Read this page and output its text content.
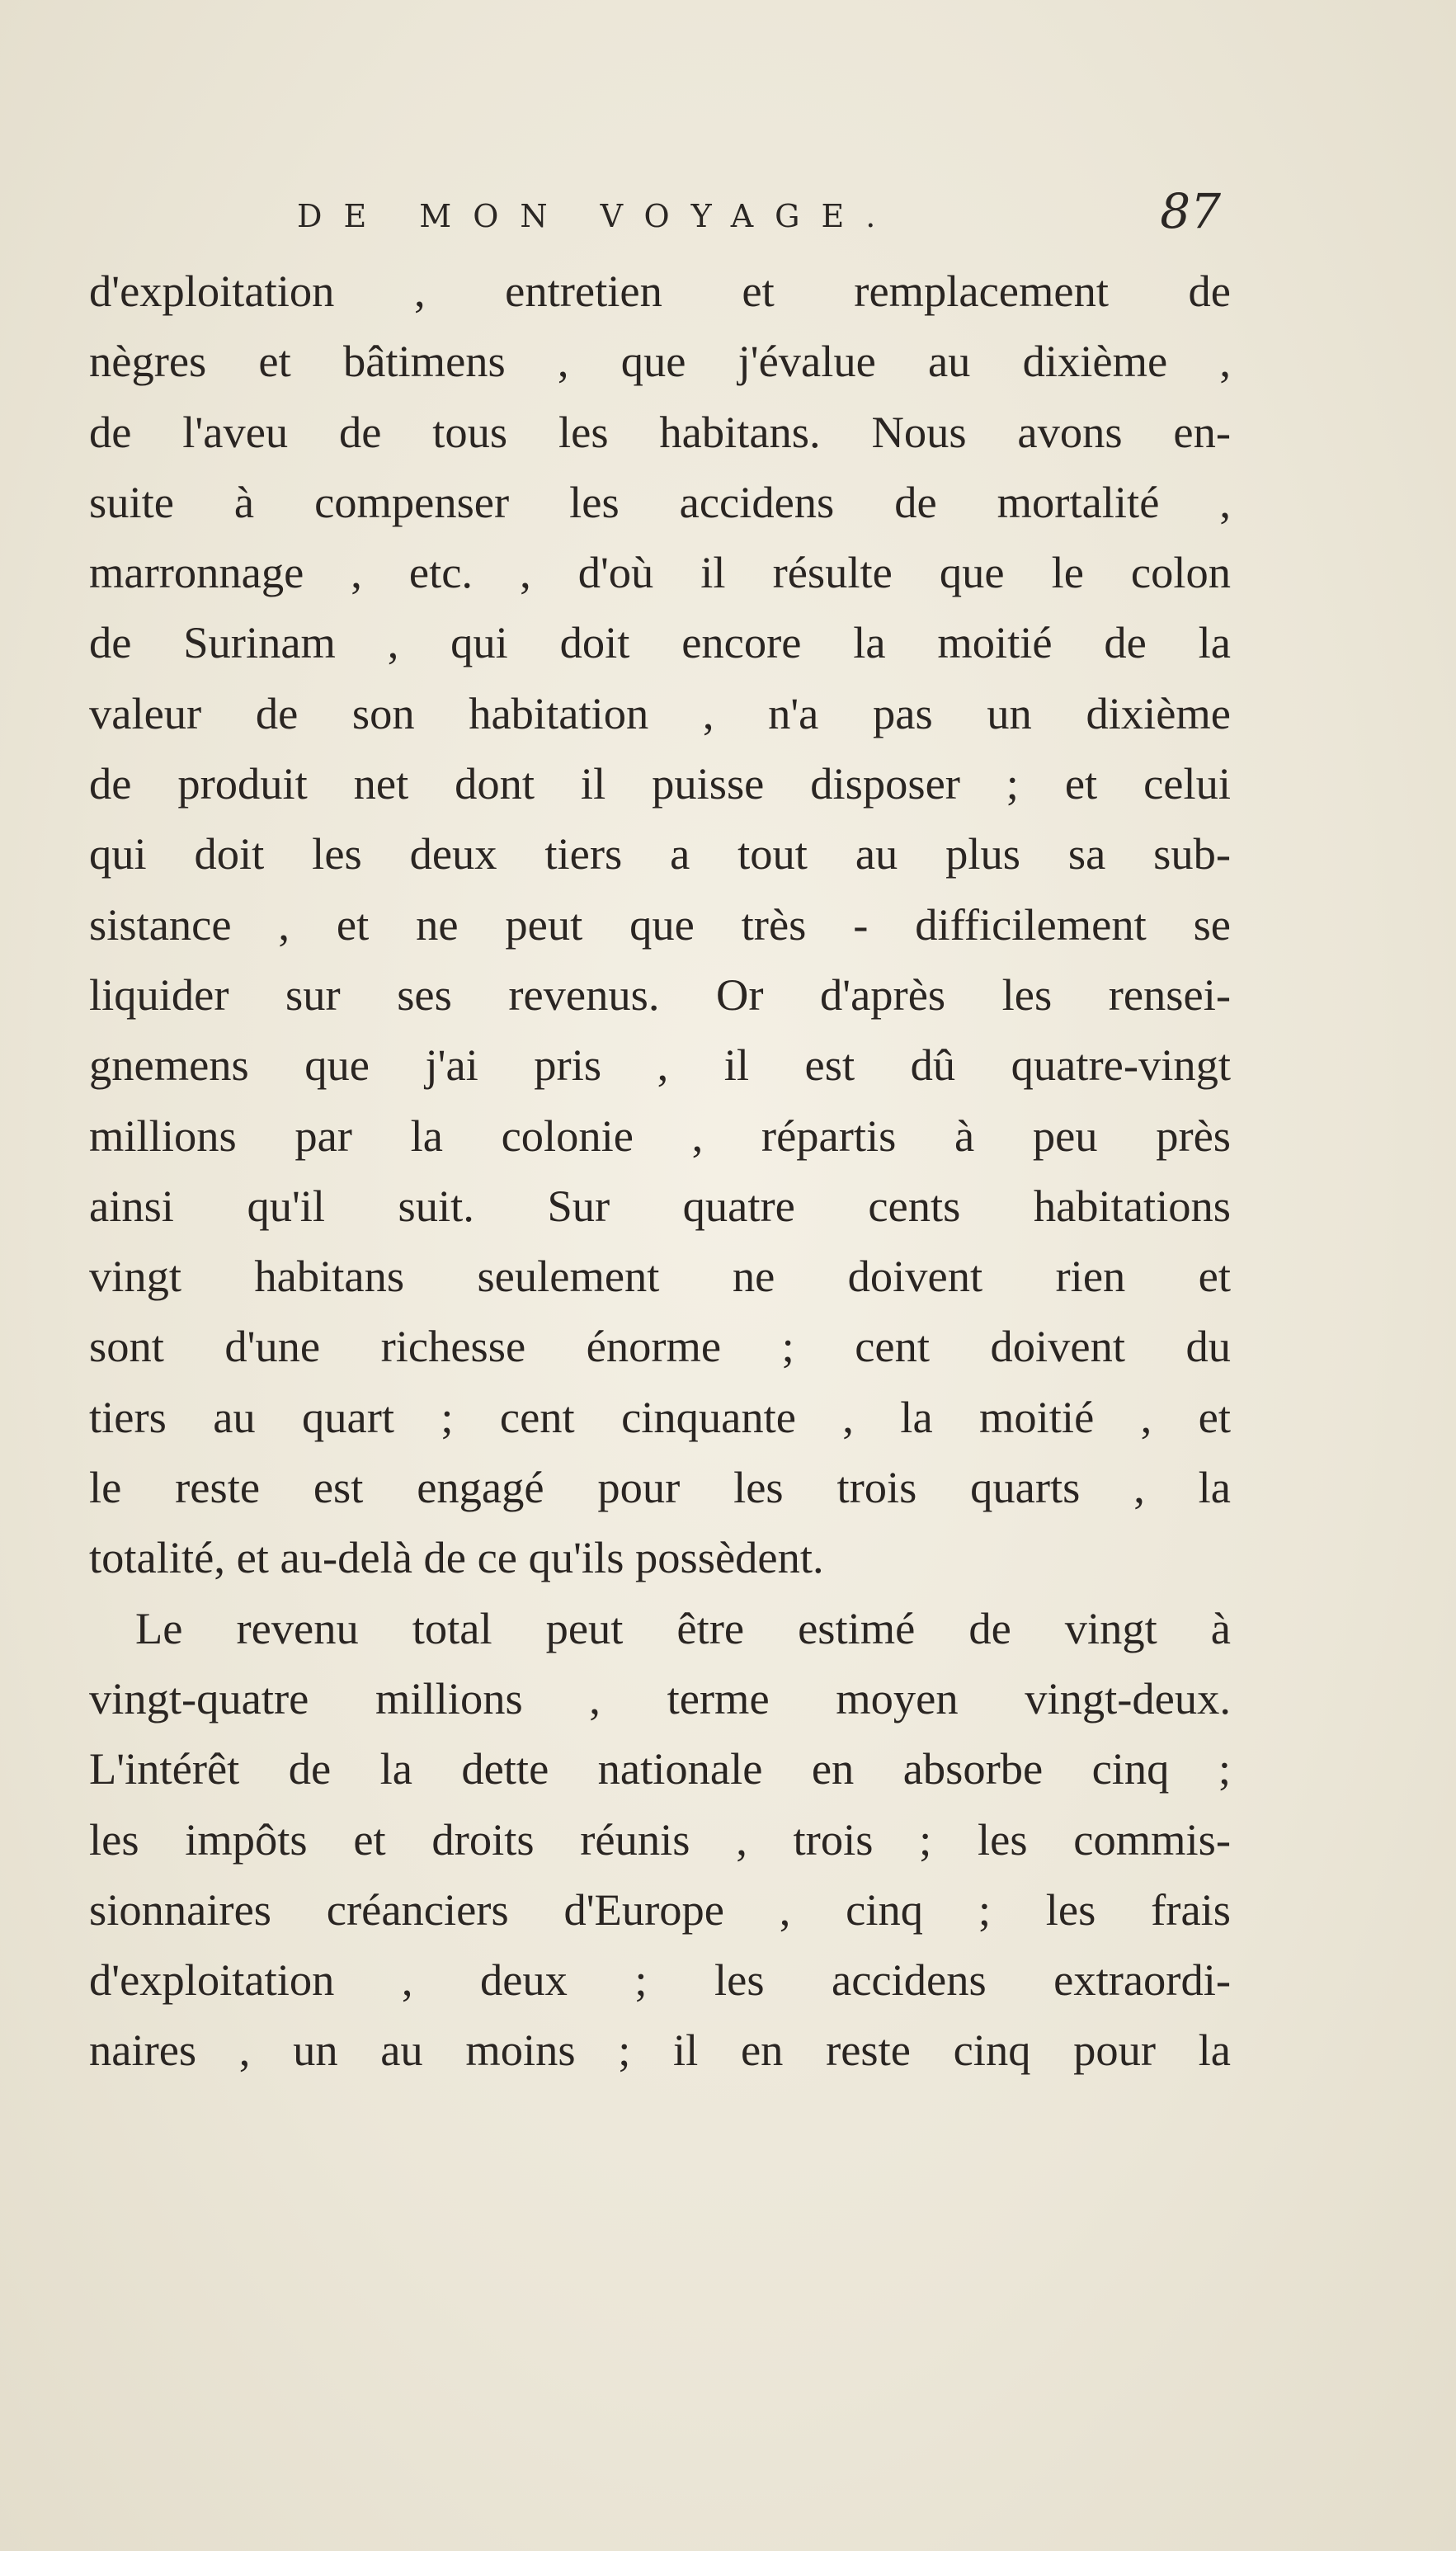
DE MON VOYAGE.	87
d'exploitation , entretien et remplacement de
nègres et bâtimens , que j'évalue au dixième ,
de l'aveu de tous les habitans. Nous avons en-
suite à compenser les accidens de mortalité ,
marronnage , etc. , d'où il résulte que le colon
de Surinam , qui doit encore la moitié de la
valeur de son habitation , n'a pas un dixième
de produit net dont il puisse disposer ; et celui
qui doit les deux tiers a tout au plus sa sub-
sistance , et ne peut que très - difficilement se
liquider sur ses revenus. Or d'après les rensei-
gnemens que j'ai pris , il est dû quatre-vingt
millions par la colonie , répartis à peu près
ainsi qu'il suit. Sur quatre cents habitations
vingt habitans seulement ne doivent rien et
sont d'une richesse énorme ; cent doivent du
tiers au quart ; cent cinquante , la moitié , et
le reste est engagé pour les trois quarts , la
totalité, et au-delà de ce qu'ils possèdent.
Le revenu total peut être estimé de vingt à
vingt-quatre millions , terme moyen vingt-deux.
L'intérêt de la dette nationale en absorbe cinq ;
les impôts et droits réunis , trois ; les commis-
sionnaires créanciers d'Europe , cinq ; les frais
d'exploitation , deux ; les accidens extraordi-
naires , un au moins ; il en reste cinq pour la
